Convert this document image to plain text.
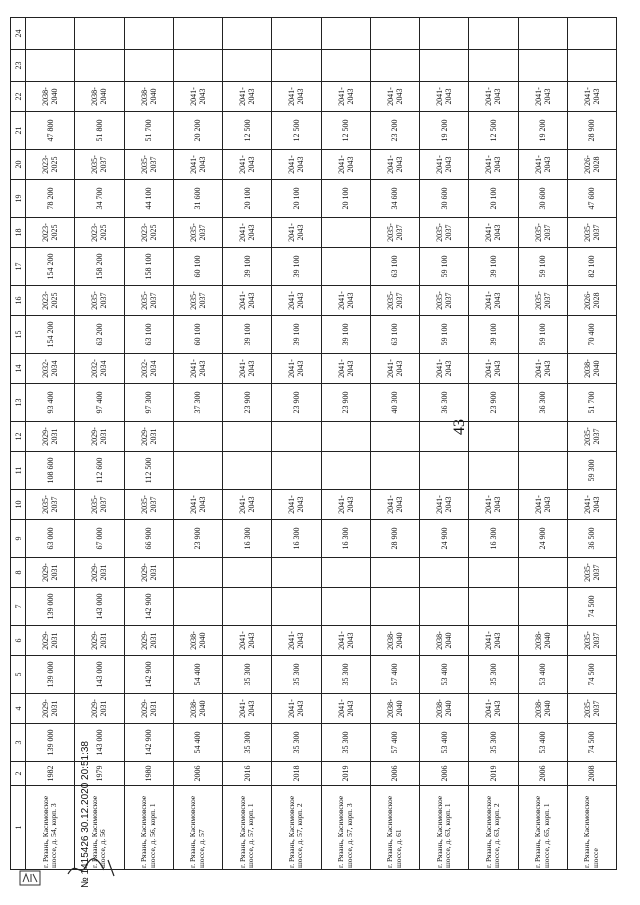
43
1	2	3	4	5	6	7	8	9	10	11	12	13	14	15	16	17	18	19	20	21	22	23	24
г. Рязань, Касимовское шоссе, д. 54, корп. 3	1982	139 000	2029-2031	139 000	2029-2031	139 000	2029-2031	63 000	2035-2037	108 600	2029-2031	93 400	2032-2034	154 200	2023-2025	154 200	2023-2025	78 200	2023-2025	47 800	2038-2040		
г. Рязань, Касимовское шоссе, д. 56	1979	143 000	2029-2031	143 000	2029-2031	143 000	2029-2031	67 000	2035-2037	112 600	2029-2031	97 400	2032-2034	63 200	2035-2037	158 200	2023-2025	34 700	2035-2037	51 800	2038-2040		
г. Рязань, Касимовское шоссе, д. 56, корп. 1	1980	142 900	2029-2031	142 900	2029-2031	142 900	2029-2031	66 900	2035-2037	112 500	2029-2031	97 300	2032-2034	63 100	2035-2037	158 100	2023-2025	44 100	2035-2037	51 700	2038-2040		
г. Рязань, Касимовское шоссе, д. 57	2006	54 400	2038-2040	54 400	2038-2040			23 900	2041-2043			37 300	2041-2043	60 100	2035-2037	60 100	2035-2037	31 600	2041-2043	20 200	2041-2043		
г. Рязань, Касимовское шоссе, д. 57, корп. 1	2016	35 300	2041-2043	35 300	2041-2043			16 300	2041-2043			23 900	2041-2043	39 100	2041-2043	39 100	2041-2043	20 100	2041-2043	12 500	2041-2043		
г. Рязань, Касимовское шоссе, д. 57, корп. 2	2018	35 300	2041-2043	35 300	2041-2043			16 300	2041-2043			23 900	2041-2043	39 100	2041-2043	39 100	2041-2043	20 100	2041-2043	12 500	2041-2043		
г. Рязань, Касимовское шоссе, д. 57, корп. 3	2019	35 300	2041-2043	35 300	2041-2043			16 300	2041-2043			23 900	2041-2043	39 100	2041-2043			20 100	2041-2043	12 500	2041-2043		
г. Рязань, Касимовское шоссе, д. 61	2006	57 400	2038-2040	57 400	2038-2040			28 900	2041-2043			40 300	2041-2043	63 100	2035-2037	63 100	2035-2037	34 600	2041-2043	23 200	2041-2043		
г. Рязань, Касимовское шоссе, д. 63, корп. 1	2006	53 400	2038-2040	53 400	2038-2040			24 900	2041-2043			36 300	2041-2043	59 100	2035-2037	59 100	2035-2037	30 600	2041-2043	19 200	2041-2043		
г. Рязань, Касимовское шоссе, д. 63, корп. 2	2019	35 300	2041-2043	35 300	2041-2043			16 300	2041-2043			23 900	2041-2043	39 100	2041-2043	39 100	2041-2043	20 100	2041-2043	12 500	2041-2043		
г. Рязань, Касимовское шоссе, д. 65, корп. 1	2006	53 400	2038-2040	53 400	2038-2040			24 900	2041-2043			36 300	2041-2043	59 100	2035-2037	59 100	2035-2037	30 600	2041-2043	19 200	2041-2043		
г. Рязань, Касимовское шоссе	2008	74 500	2035-2037	74 500	2035-2037	74 500	2035-2037	36 500	2041-2043	59 300	2035-2037	51 700	2038-2040	70 400	2026-2028	82 100	2035-2037	47 600	2026-2028	28 900	2041-2043		
№ 1415426 30.12.2020 20:51:38
